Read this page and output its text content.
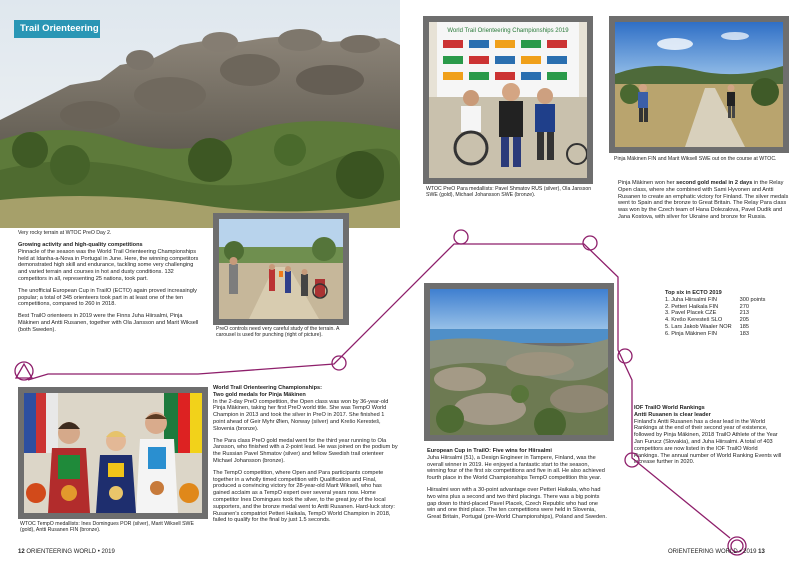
Trail Orienteering
Very rocky terrain at WTOC PreO Day 2.
Growing activity and high-quality competitions

Pinnacle of the season was the World Trail Orienteering Championships held at Idanha-a-Nova in Portugal in June. Here, the winning competitors demonstrated high skill and endurance, tackling some very challenging and varied terrain and courses in hot and dusty conditions. 132 competitors in all, representing 25 nations, took part.

The unofficial European Cup in TrailO (ECTO) again proved increasingly popular; a total of 345 orienteers took part in at least one of the ten competitions, compared to 260 in 2018.

Best TrailO orienteers in 2019 were the Finns Juha Hiirsalmi, Pinja Mäkinen and Antti Rusanen, together with Ola Jansson and Marit Wiksell (both Sweden).	PreO controls need very careful study of the terrain. A carousel is used for punching (right of picture).
WTOC TempO medallists: Ines Domingues POR (silver), Marit Wiksell SWE (gold), Antti Rusanen FIN (bronze).
World Trail Orienteering Championships:
Two gold medals for Pinja Mäkinen

In the 2-day PreO competition, the Open class was won by 36-year-old Pinja Mäkinen, taking her first PreO world title. She was TempO World Champion in 2013 and took the silver in PreO in 2017. She finished 1 point ahead of Geir Myhr Øien, Norway (silver) and Krešo Keresteš, Slovenia (bronze).

The Para class PreO gold medal went for the third year running to Ola Jansson, who finished with a 2-point lead. He was joined on the podium by the Russian Pavel Shmatov (silver) and fellow Swedish trail orienteer Michael Johansson (bronze).

The TempO competition, where Open and Para participants compete together in a wholly timed competition with Qualification and Final, produced a convincing victory for 28-year-old Marit Wiksell, who has gained acclaim as a TempO expert over several years now. Home competitor Ines Domingues took the silver, to the great joy of the local supporters, and the bronze medal went to Antti Rusanen. Hard-luck story: Rusanen's compatriot Petteri Haikala, TempO World Champion in 2018, failed to qualify for the final by just 1.5 seconds.

World Trail Orienteering Championships 2019
WTOC PreO Para medallists: Pavel Shmatov RUS (silver), Ola Jansson SWE (gold), Michael Johansson SWE (bronze).
Pinja Mäkinen FIN and Marit Wiksell SWE out on the course at WTOC.
Pinja Mäkinen won her second gold medal in 2 days in the Relay Open class, where she combined with Sami Hyvonen and Antti Rusanen to create an emphatic victory for Finland. The silver medals went to Spain and the bronze to Great Britain. The Relay Para class was won by the Czech team of Hana Dolezalova, Pavel Dudik and Jana Kostova, with silver for Ukraine and bronze for Russia.
Top six in ECTO 2019
1. Juha Hiirsalmi FIN	300 points
2. Petteri Haikala FIN	270
3. Pavel Placek CZE	213
4. Krešo Keresteš SLO	205
5. Lars Jakob Waaler NOR	185
6. Pinja Mäkinen FIN	183
European Cup in TrailO: Five wins for Hiirsalmi

Juha Hiirsalmi (51), a Design Engineer in Tampere, Finland, was the overall winner in 2019. He enjoyed a fantastic start to the season, winning four of the first six competitions and five in all. He also achieved fourth place in the World Championships TempO competition this year.

Hiirsalmi won with a 30-point advantage over Petteri Haikala, who had two wins plus a second and two third placings. There was a big points gap down to third-placed Pavel Placek, Czech Republic who had one win and one third place. The ten competitions were held in Slovenia, Great Britain, Portugal (pre-World Championships), Poland and Sweden.

IOF TrailO World Rankings
Antti Rusanen is clear leader

Finland's Antti Rusanen has a clear lead in the World Rankings at the end of their second year of existence, followed by Pinja Mäkinen, 2018 TrailO Athlete of the Year Jan Furucz (Slovakia), and Juha Hiirsalmi. A total of 403 competitors are now listed in the IOF TrailO World Rankings. The annual number of World Ranking Events will increase further in 2020.

12 ORIENTEERING WORLD • 2019	ORIENTEERING WORLD • 2019 13
